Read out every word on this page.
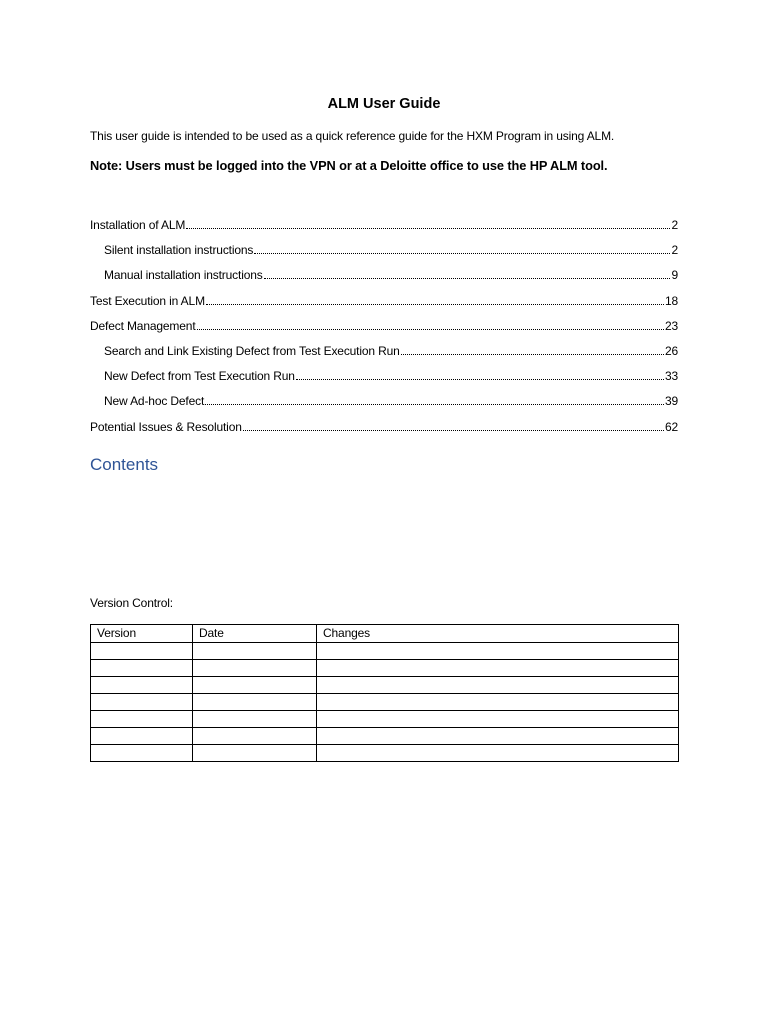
ALM User Guide
This user guide is intended to be used as a quick reference guide for the HXM Program in using ALM.
Note: Users must be logged into the VPN or at a Deloitte office to use the HP ALM tool.
Installation of ALM	2
Silent installation instructions	2
Manual installation instructions	9
Test Execution in ALM	18
Defect Management	23
Search and Link Existing Defect from Test Execution Run	26
New Defect from Test Execution Run	33
New Ad-hoc Defect	39
Potential Issues & Resolution	62
Contents
Version Control:
Version	Date	Changes
